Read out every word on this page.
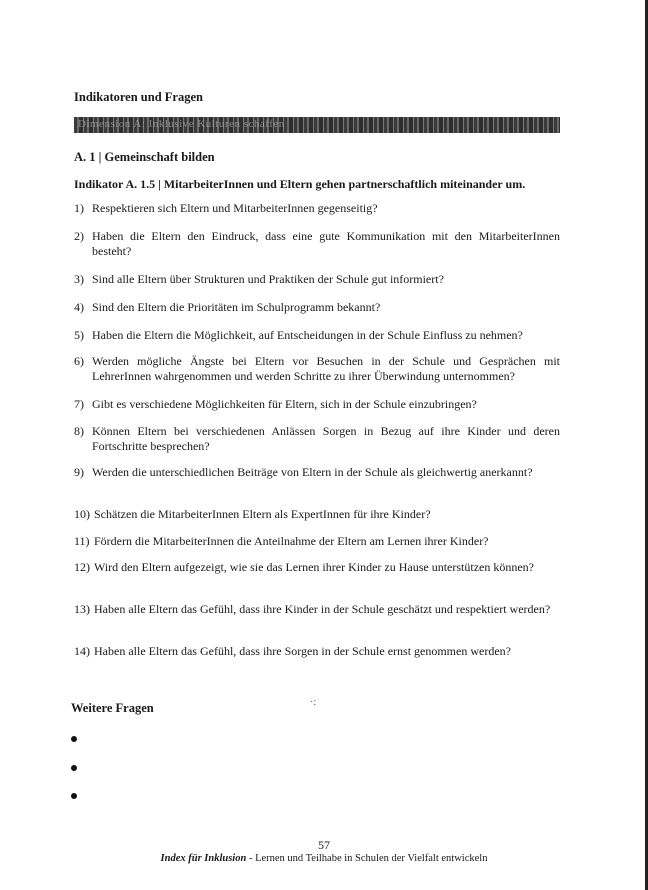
Indikatoren und Fragen
Dimension A: Inklusive Kulturen schaffen
A. 1 | Gemeinschaft bilden
Indikator A. 1.5 | MitarbeiterInnen und Eltern gehen partnerschaftlich miteinander um.
1) Respektieren sich Eltern und MitarbeiterInnen gegenseitig?
2) Haben die Eltern den Eindruck, dass eine gute Kommunikation mit den MitarbeiterInnen besteht?
3) Sind alle Eltern über Strukturen und Praktiken der Schule gut informiert?
4) Sind den Eltern die Prioritäten im Schulprogramm bekannt?
5) Haben die Eltern die Möglichkeit, auf Entscheidungen in der Schule Einfluss zu nehmen?
6) Werden mögliche Ängste bei Eltern vor Besuchen in der Schule und Gesprächen mit LehrerInnen wahrgenommen und werden Schritte zu ihrer Überwindung unternommen?
7) Gibt es verschiedene Möglichkeiten für Eltern, sich in der Schule einzubringen?
8) Können Eltern bei verschiedenen Anlässen Sorgen in Bezug auf ihre Kinder und deren Fortschritte besprechen?
9) Werden die unterschiedlichen Beiträge von Eltern in der Schule als gleichwertig anerkannt?
10) Schätzen die MitarbeiterInnen Eltern als ExpertInnen für ihre Kinder?
11) Fördern die MitarbeiterInnen die Anteilnahme der Eltern am Lernen ihrer Kinder?
12) Wird den Eltern aufgezeigt, wie sie das Lernen ihrer Kinder zu Hause unterstützen können?
13) Haben alle Eltern das Gefühl, dass ihre Kinder in der Schule geschätzt und respektiert werden?
14) Haben alle Eltern das Gefühl, dass ihre Sorgen in der Schule ernst genommen werden?
·:
Weitere Fragen
57
Index für Inklusion - Lernen und Teilhabe in Schulen der Vielfalt entwickeln
